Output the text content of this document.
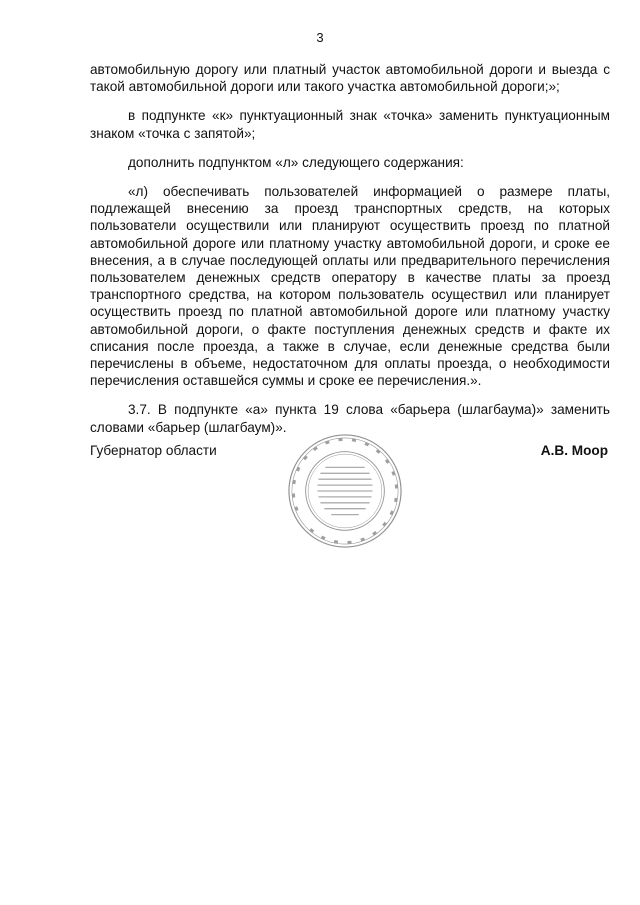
3

автомобильную дорогу или платный участок автомобильной дороги и выезда с такой автомобильной дороги или такого участка автомобильной дороги;»;

в подпункте «к» пунктуационный знак «точка» заменить пунктуационным знаком «точка с запятой»;

дополнить подпунктом «л» следующего содержания:

«л) обеспечивать пользователей информацией о размере платы, подлежащей внесению за проезд транспортных средств, на которых пользователи осуществили или планируют осуществить проезд по платной автомобильной дороге или платному участку автомобильной дороги, и сроке ее внесения, а в случае последующей оплаты или предварительного перечисления пользователем денежных средств оператору в качестве платы за проезд транспортного средства, на котором пользователь осуществил или планирует осуществить проезд по платной автомобильной дороге или платному участку автомобильной дороги, о факте поступления денежных средств и факте их списания после проезда, а также в случае, если денежные средства были перечислены в объеме, недостаточном для оплаты проезда, о необходимости перечисления оставшейся суммы и сроке ее перечисления.».

3.7. В подпункте «а» пункта 19 слова «барьера (шлагбаума)» заменить словами «барьер (шлагбаум)».

Губернатор области	А.В. Моор
